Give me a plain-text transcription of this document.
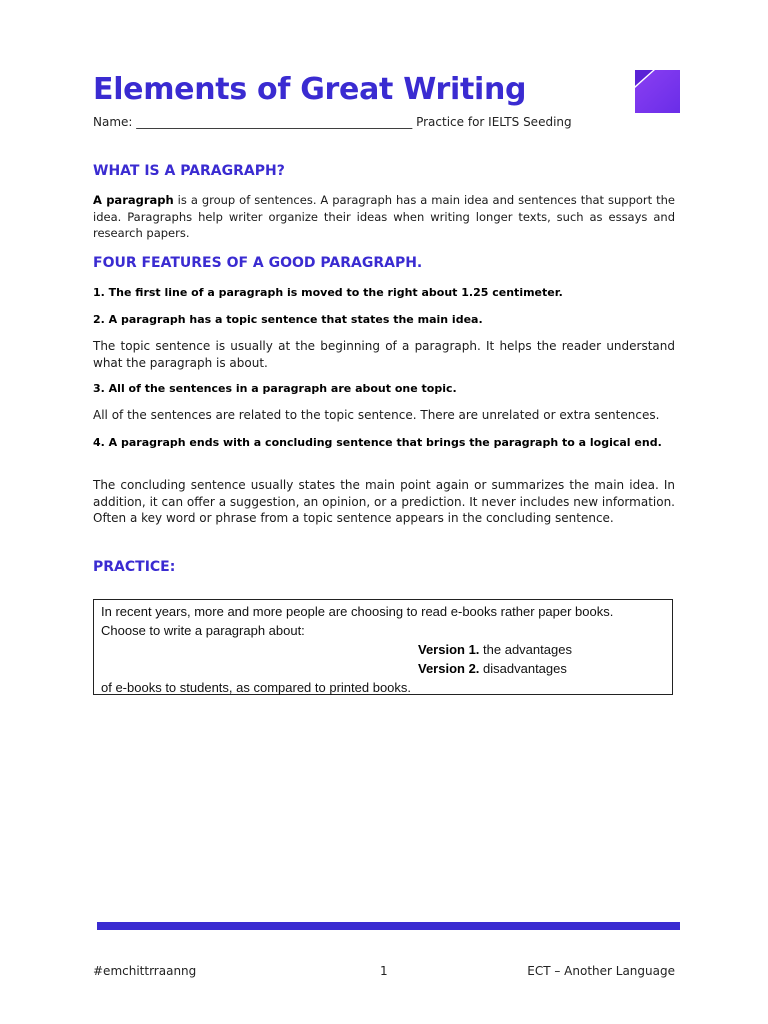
Elements of Great Writing
Name: ______________________________________________ Practice for IELTS Seeding
WHAT IS A PARAGRAPH?

A paragraph is a group of sentences. A paragraph has a main idea and sentences that support the idea. Paragraphs help writer organize their ideas when writing longer texts, such as essays and research papers.

FOUR FEATURES OF A GOOD PARAGRAPH.

1. The first line of a paragraph is moved to the right about 1.25 centimeter.

2. A paragraph has a topic sentence that states the main idea.

The topic sentence is usually at the beginning of a paragraph. It helps the reader understand what the paragraph is about.

3. All of the sentences in a paragraph are about one topic.

All of the sentences are related to the topic sentence. There are unrelated or extra sentences.

4. A paragraph ends with a concluding sentence that brings the paragraph to a logical end.

The concluding sentence usually states the main point again or summarizes the main idea. In addition, it can offer a suggestion, an opinion, or a prediction. It never includes new information. Often a key word or phrase from a topic sentence appears in the concluding sentence.

PRACTICE:
In recent years, more and more people are choosing to read e-books rather paper books.
Choose to write a paragraph about:
Version 1. the advantages
Version 2. disadvantages
of e-books to students, as compared to printed books.
#emchittrraanng	1	ECT – Another Language
